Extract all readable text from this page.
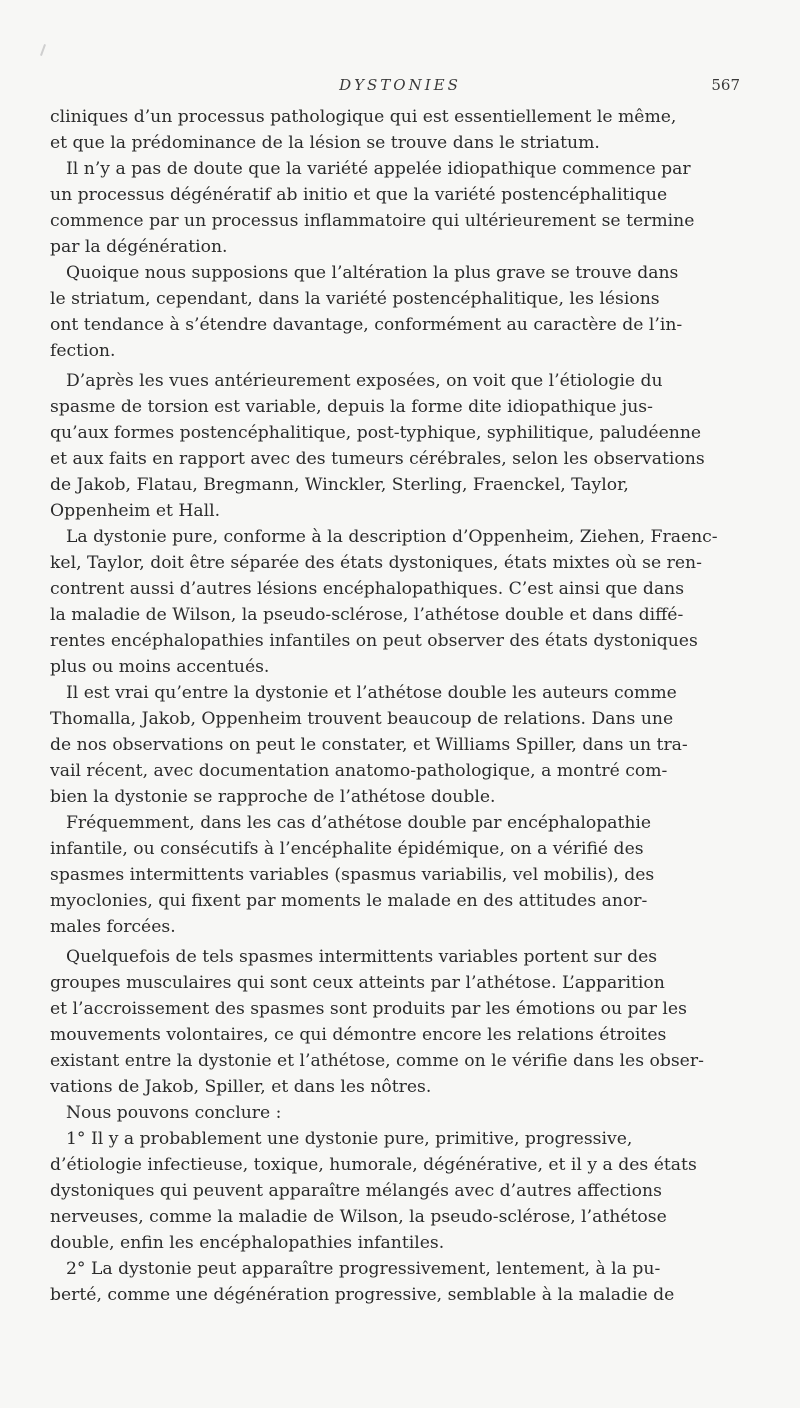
DYSTONIES	567
cliniques d’un processus pathologique qui est essentiellement le même,
et que la prédominance de la lésion se trouve dans le striatum.
Il n’y a pas de doute que la variété appelée idiopathique commence par
un processus dégénératif ab initio et que la variété postencéphalitique
commence par un processus inflammatoire qui ultérieurement se termine
par la dégénération.
Quoique nous supposions que l’altération la plus grave se trouve dans
le striatum, cependant, dans la variété postencéphalitique, les lésions
ont tendance à s’étendre davantage, conformément au caractère de l’in-
fection.
D’après les vues antérieurement exposées, on voit que l’étiologie du
spasme de torsion est variable, depuis la forme dite idiopathique jus-
qu’aux formes postencéphalitique, post-typhique, syphilitique, paludéenne
et aux faits en rapport avec des tumeurs cérébrales, selon les observations
de Jakob, Flatau, Bregmann, Winckler, Sterling, Fraenckel, Taylor,
Oppenheim et Hall.
La dystonie pure, conforme à la description d’Oppenheim, Ziehen, Fraenc-
kel, Taylor, doit être séparée des états dystoniques, états mixtes où se ren-
contrent aussi d’autres lésions encéphalopathiques. C’est ainsi que dans
la maladie de Wilson, la pseudo-sclérose, l’athétose double et dans diffé-
rentes encéphalopathies infantiles on peut observer des états dystoniques
plus ou moins accentués.
Il est vrai qu’entre la dystonie et l’athétose double les auteurs comme
Thomalla, Jakob, Oppenheim trouvent beaucoup de relations. Dans une
de nos observations on peut le constater, et Williams Spiller, dans un tra-
vail récent, avec documentation anatomo-pathologique, a montré com-
bien la dystonie se rapproche de l’athétose double.
Fréquemment, dans les cas d’athétose double par encéphalopathie
infantile, ou consécutifs à l’encéphalite épidémique, on a vérifié des
spasmes intermittents variables (spasmus variabilis, vel mobilis), des
myoclonies, qui fixent par moments le malade en des attitudes anor-
males forcées.
Quelquefois de tels spasmes intermittents variables portent sur des
groupes musculaires qui sont ceux atteints par l’athétose. L’apparition
et l’accroissement des spasmes sont produits par les émotions ou par les
mouvements volontaires, ce qui démontre encore les relations étroites
existant entre la dystonie et l’athétose, comme on le vérifie dans les obser-
vations de Jakob, Spiller, et dans les nôtres.
Nous pouvons conclure :
1° Il y a probablement une dystonie pure, primitive, progressive,
d’étiologie infectieuse, toxique, humorale, dégénérative, et il y a des états
dystoniques qui peuvent apparaître mélangés avec d’autres affections
nerveuses, comme la maladie de Wilson, la pseudo-sclérose, l’athétose
double, enfin les encéphalopathies infantiles.
2° La dystonie peut apparaître progressivement, lentement, à la pu-
berté, comme une dégénération progressive, semblable à la maladie de
